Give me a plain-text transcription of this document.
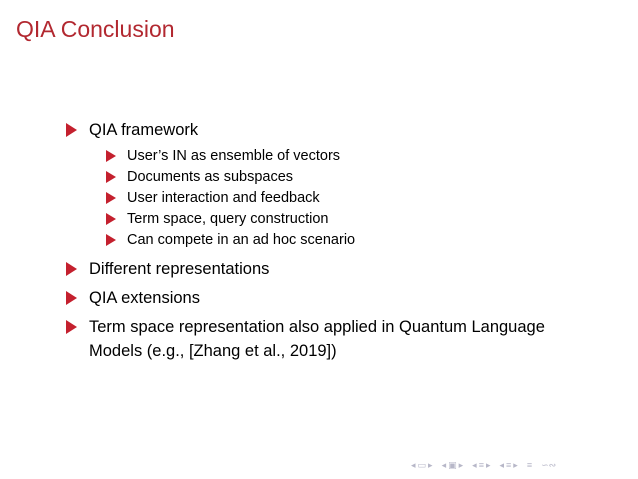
QIA Conclusion
QIA framework
User’s IN as ensemble of vectors
Documents as subspaces
User interaction and feedback
Term space, query construction
Can compete in an ad hoc scenario
Different representations
QIA extensions
Term space representation also applied in Quantum Language
Models (e.g., [Zhang et al., 2019])
◂ ▭ ▸ ◂ ▣ ▸ ◂ ≡ ▸ ◂ ≡ ▸ ≡ ∽∾
